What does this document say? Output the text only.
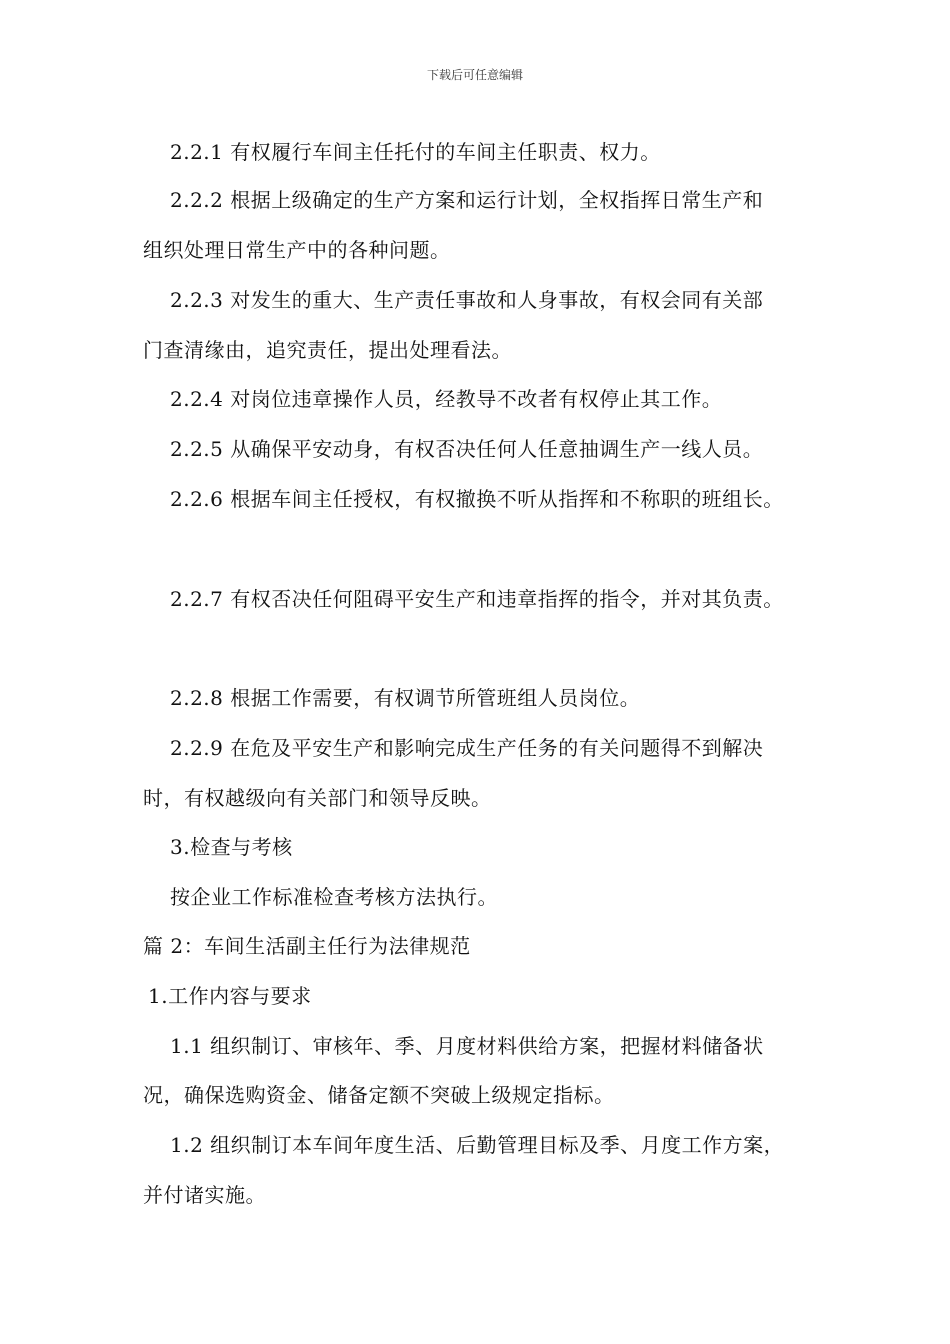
下载后可任意编辑
2.2.1 有权履行车间主任托付的车间主任职责、权力。
2.2.2 根据上级确定的生产方案和运行计划，全权指挥日常生产和
组织处理日常生产中的各种问题。
2.2.3 对发生的重大、生产责任事故和人身事故，有权会同有关部
门查清缘由，追究责任，提出处理看法。
2.2.4 对岗位违章操作人员，经教导不改者有权停止其工作。
2.2.5 从确保平安动身，有权否决任何人任意抽调生产一线人员。
2.2.6 根据车间主任授权，有权撤换不听从指挥和不称职的班组长。
2.2.7 有权否决任何阻碍平安生产和违章指挥的指令，并对其负责。
2.2.8 根据工作需要，有权调节所管班组人员岗位。
2.2.9 在危及平安生产和影响完成生产任务的有关问题得不到解决
时，有权越级向有关部门和领导反映。
3.检查与考核
按企业工作标准检查考核方法执行。
篇 2：车间生活副主任行为法律规范
1.工作内容与要求
1.1 组织制订、审核年、季、月度材料供给方案，把握材料储备状
况，确保选购资金、储备定额不突破上级规定指标。
1.2 组织制订本车间年度生活、后勤管理目标及季、月度工作方案，
并付诸实施。
